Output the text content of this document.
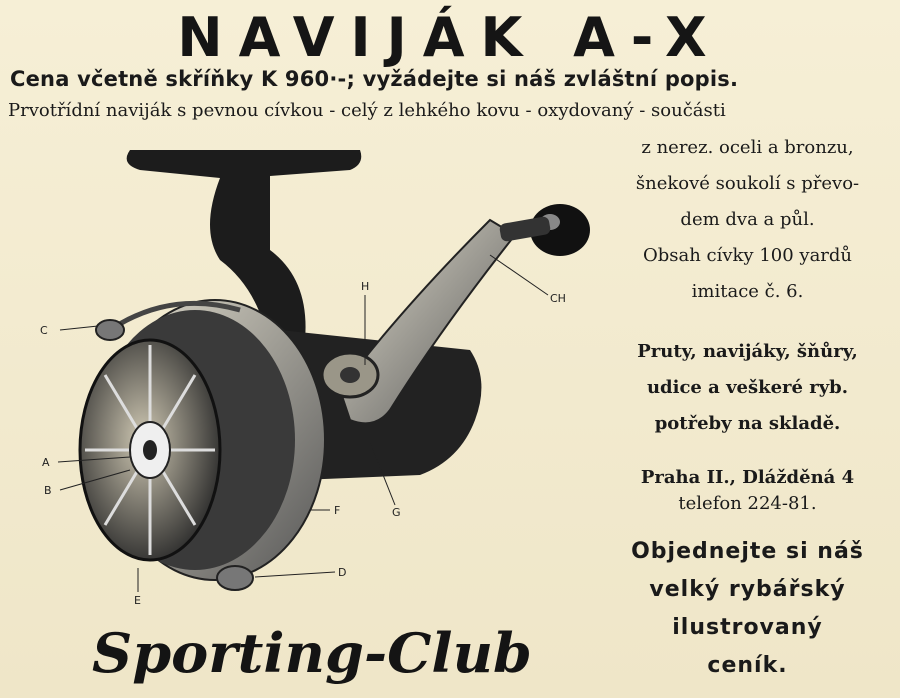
NAVIJÁK A-X
Cena včetně skříňky K 960·-; vyžádejte si náš zvláštní popis.
Prvotřídní naviják s pevnou cívkou - celý z lehkého kovu - oxydovaný - součásti
z nerez. oceli a bronzu,
šnekové soukolí s převo-
dem dva a půl.
Obsah cívky 100 yardů
imitace č. 6.
Pruty, navijáky, šňůry,
udice a veškeré ryb.
potřeby na skladě.
Praha II., Dlážděná 4
telefon 224-81.
Objednejte si náš
velký rybářský
ilustrovaný
ceník.
C
H
CH
A
B
E
F	G
D
Sporting-Club
